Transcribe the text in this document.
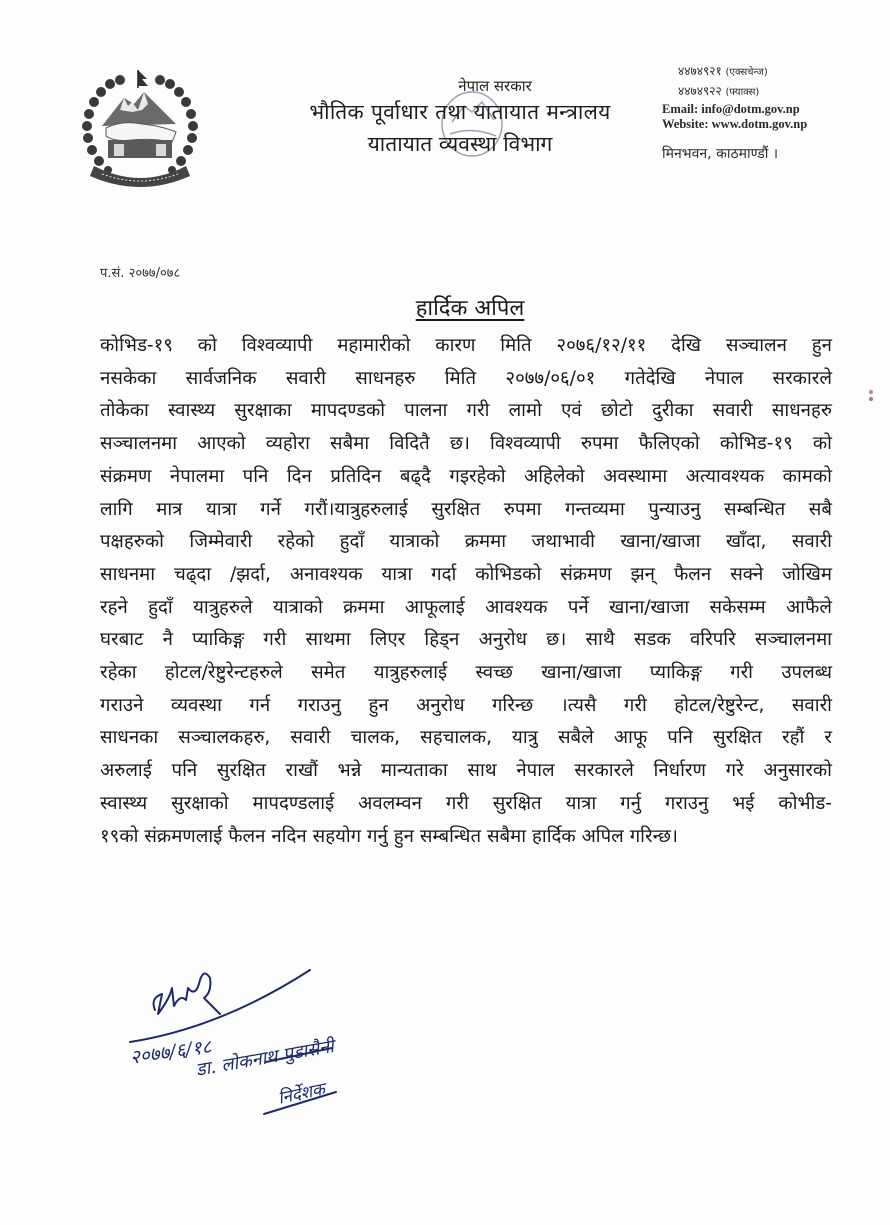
नेपाल सरकार
भौतिक पूर्वाधार तथा यातायात मन्त्रालय
यातायात व्यवस्था विभाग
४४७४९२१ (एक्सचेन्ज)
४४७४९२२ (फ्याक्स)
Email: info@dotm.gov.np
Website: www.dotm.gov.np
मिनभवन, काठमाण्डौं ।
प.सं. २०७७/०७८
हार्दिक अपिल
कोभिड-१९ को विश्वव्यापी महामारीको कारण मिति २०७६/१२/११ देखि सञ्चालन हुन
नसकेका सार्वजनिक सवारी साधनहरु मिति २०७७/०६/०१ गतेदेखि नेपाल सरकारले
तोकेका स्वास्थ्य सुरक्षाका मापदण्डको पालना गरी लामो एवं छोटो दुरीका सवारी साधनहरु
सञ्चालनमा आएको व्यहोरा सबैमा विदितै छ। विश्वव्यापी रुपमा फैलिएको कोभिड-१९ को
संक्रमण नेपालमा पनि दिन प्रतिदिन बढ्दै गइरहेको अहिलेको अवस्थामा अत्यावश्यक कामको
लागि मात्र यात्रा गर्ने गरौं।यात्रुहरुलाई सुरक्षित रुपमा गन्तव्यमा पुन्याउनु सम्बन्धित सबै
पक्षहरुको जिम्मेवारी रहेको हुदाँ यात्राको क्रममा जथाभावी खाना/खाजा खाँदा, सवारी
साधनमा चढ्दा /झर्दा, अनावश्यक यात्रा गर्दा कोभिडको संक्रमण झन् फैलन सक्ने जोखिम
रहने हुदाँ यात्रुहरुले यात्राको क्रममा आफूलाई आवश्यक पर्ने खाना/खाजा सकेसम्म आफैले
घरबाट नै प्याकिङ्ग गरी साथमा लिएर हिड्न अनुरोध छ। साथै सडक वरिपरि सञ्चालनमा
रहेका होटल/रेष्टुरेन्टहरुले समेत यात्रुहरुलाई स्वच्छ खाना/खाजा प्याकिङ्ग गरी उपलब्ध
गराउने व्यवस्था गर्न गराउनु हुन अनुरोध गरिन्छ ।त्यसै गरी होटल/रेष्टुरेन्ट, सवारी
साधनका सञ्चालकहरु, सवारी चालक, सहचालक, यात्रु सबैले आफू पनि सुरक्षित रहौं र
अरुलाई पनि सुरक्षित राखौं भन्ने मान्यताका साथ नेपाल सरकारले निर्धारण गरे अनुसारको
स्वास्थ्य सुरक्षाको मापदण्डलाई अवलम्वन गरी सुरक्षित यात्रा गर्नु गराउनु भई कोभीड-
१९को संक्रमणलाई फैलन नदिन सहयोग गर्नु हुन सम्बन्धित सबैमा हार्दिक अपिल गरिन्छ।
२०७७/६/१८
डा. लोकनाथ पुडासैनी
निर्देशक
